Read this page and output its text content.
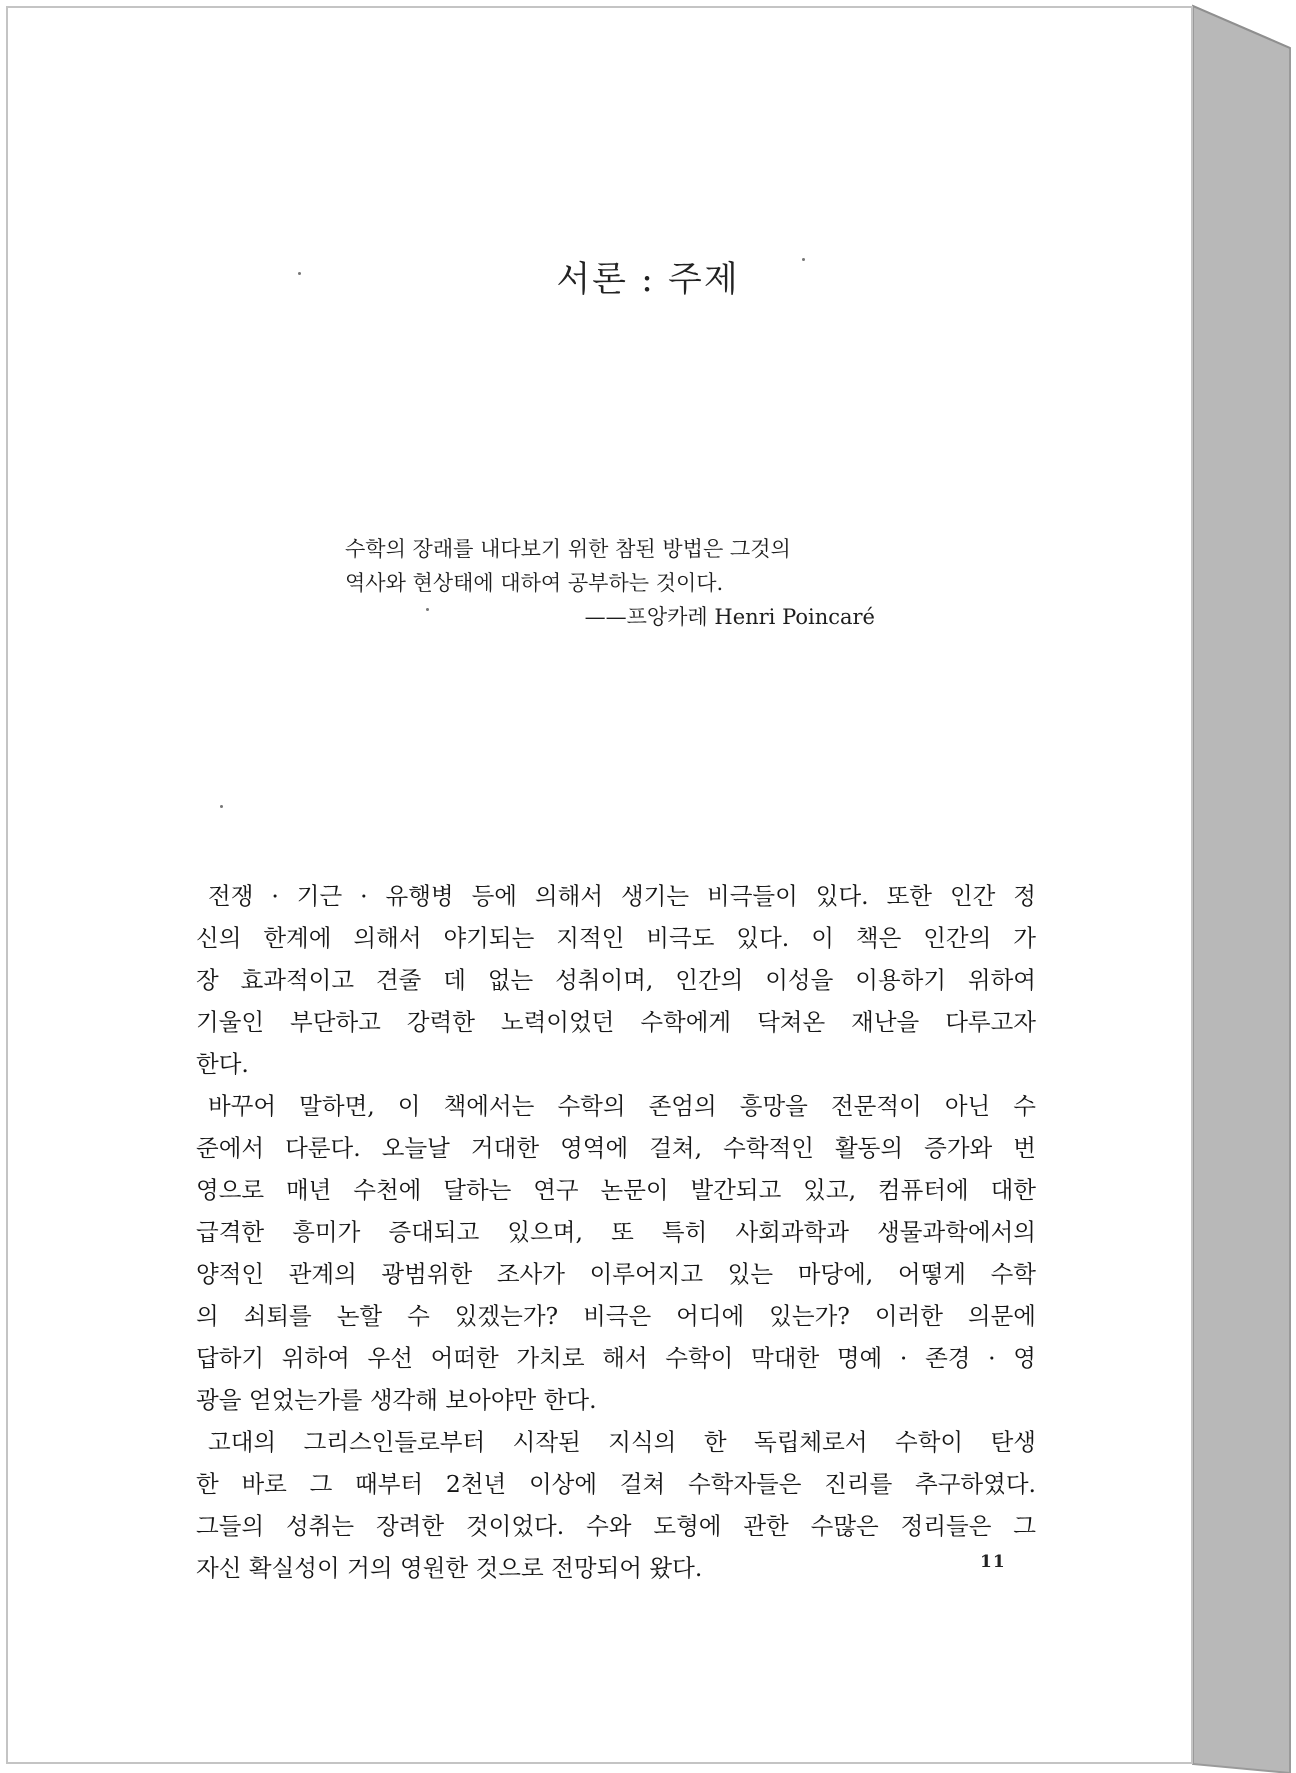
서론 : 주제
수학의 장래를 내다보기 위한 참된 방법은 그것의
역사와 현상태에 대하여 공부하는 것이다.
——프앙카레 Henri Poincaré
전쟁 · 기근 · 유행병 등에 의해서 생기는 비극들이 있다. 또한 인간 정
신의 한계에 의해서 야기되는 지적인 비극도 있다. 이 책은 인간의 가
장 효과적이고 견줄 데 없는 성취이며, 인간의 이성을 이용하기 위하여
기울인 부단하고 강력한 노력이었던 수학에게 닥쳐온 재난을 다루고자
한다.
바꾸어 말하면, 이 책에서는 수학의 존엄의 흥망을 전문적이 아닌 수
준에서 다룬다. 오늘날 거대한 영역에 걸쳐, 수학적인 활동의 증가와 번
영으로 매년 수천에 달하는 연구 논문이 발간되고 있고, 컴퓨터에 대한
급격한 흥미가 증대되고 있으며, 또 특히 사회과학과 생물과학에서의
양적인 관계의 광범위한 조사가 이루어지고 있는 마당에, 어떻게 수학
의 쇠퇴를 논할 수 있겠는가? 비극은 어디에 있는가? 이러한 의문에
답하기 위하여 우선 어떠한 가치로 해서 수학이 막대한 명예 · 존경 · 영
광을 얻었는가를 생각해 보아야만 한다.
고대의 그리스인들로부터 시작된 지식의 한 독립체로서 수학이 탄생
한 바로 그 때부터 2천년 이상에 걸쳐 수학자들은 진리를 추구하였다.
그들의 성취는 장려한 것이었다. 수와 도형에 관한 수많은 정리들은 그
자신 확실성이 거의 영원한 것으로 전망되어 왔다.	11
